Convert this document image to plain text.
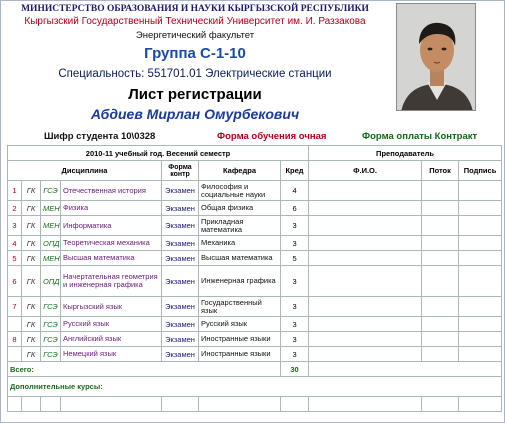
МИНИСТЕРСТВО ОБРАЗОВАНИЯ И НАУКИ КЫРГЫЗСКОЙ РЕСПУБЛИКИ
Кыргызский Государственный Технический Университет им. И. Раззакова
Энергетический факультет
Группа С-1-10
Специальность: 551701.01 Электрические станции
Лист регистрации
Абдиев Мирлан Омурбекович
Шифр студента 10\0328	Форма обучения очная	Форма оплаты Контракт
2010-11 учебный год. Весений семестр							Преподаватель		
Дисциплина				Форма контр	Кафедра	Кред	Ф.И.О.	Поток	Подпись
1	ГК	ГСЭ	Отечественная история	Экзамен	Философия и социальные науки	4			
2	ГК	МЕН	Физика	Экзамен	Общая физика	6			
3	ГК	МЕН	Информатика	Экзамен	Прикладная математика	3			
4	ГК	ОПД	Теоретическая механика	Экзамен	Механика	3			
5	ГК	МЕН	Высшая математика	Экзамен	Высшая математика	5			
6	ГК	ОПД	Начертательная геометрия и инженерная графика	Экзамен	Инженерная графика	3			
7	ГК	ГСЭ	Кыргызский язык	Экзамен	Государственный язык	3			
	ГК	ГСЭ	Русский язык	Экзамен	Русский язык	3			
8	ГК	ГСЭ	Английский язык	Экзамен	Иностранные языки	3			
	ГК	ГСЭ	Немецкий язык	Экзамен	Иностранные языки	3			
Всего:						30			
Дополнительные курсы:									
